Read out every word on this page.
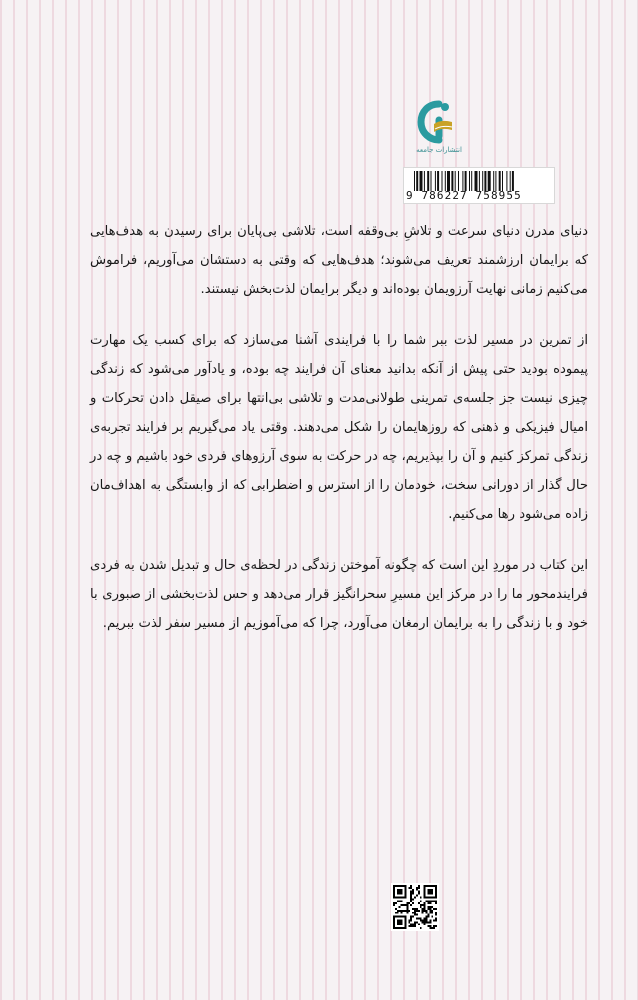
انتشارات جامعه
9 786227 758955

دنیای مدرن دنیای سرعت و تلاشِ بی‌وقفه است، تلاشی بی‌پایان برای رسیدن به هدف‌هایی که برایمان ارزشمند تعریف می‌شوند؛ هدف‌هایی که وقتی به دستشان می‌آوریم، فراموش می‌کنیم زمانی نهایت آرزویمان بوده‌اند و دیگر برایمان لذت‌بخش نیستند.

از تمرین در مسیر لذت ببر شما را با فرایندی آشنا می‌سازد که برای کسب یک مهارت پیموده بودید حتی پیش از آنکه بدانید معنای آن فرایند چه بوده، و یادآور می‌شود که زندگی چیزی نیست جز جلسه‌ی تمرینی طولانی‌مدت و تلاشی بی‌انتها برای صیقل دادن تحرکات و امیال فیزیکی و ذهنی که روزهایمان را شکل می‌دهند. وقتی یاد می‌گیریم بر فرایند تجربه‌ی زندگی تمرکز کنیم و آن را بپذیریم، چه در حرکت به سوی آرزوهای فردی خود باشیم و چه در حال گذار از دورانی سخت، خودمان را از استرس و اضطرابی که از وابستگی به اهداف‌مان زاده می‌شود رها می‌کنیم.

این کتاب در موردِ این است که چگونه آموختن زندگی در لحظه‌ی حال و تبدیل شدن به فردی فرایندمحور ما را در مرکز این مسیرِ سحرانگیز قرار می‌دهد و حس لذت‌بخشی از صبوری با خود و با زندگی را به برایمان ارمغان می‌آورد، چرا که می‌آموزیم از مسیر سفر لذت ببریم.
